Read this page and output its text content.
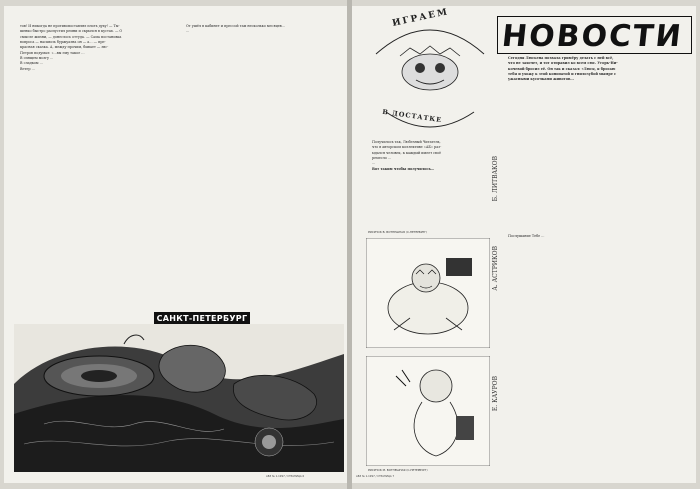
тов! И никогда не противопоставлял плоть духу! — Ты-

шенко быстро распустил ремни и скрылся в кустах. — О

смысле жизни, — донеслось оттуда. — Сама постановка

вопроса — насквозь буржуазна он — а... — пре-

красная сказка. А, между прочим, бывает — эвс-

Петров подумал: «...вы ему такое ...

В спящем мозгу ...

В сладком ...

Ветер ...

От ушёл в кабинет и прессой там несколько месяцев...

...

САНКТ-ПЕТЕРБУРГ
АБЗ № 1-1997 / СТРАНИЦА 6
ИГРАЕМ
В ДОСТАТКЕ
НОВОСТИ

Получилось так, Любезный Читатель,

что в авторском коллективе «АБ» раз-

ыдался человек, к каждый имеет своё

ремесло ...

...

Вот таким чтобы получилось...

Сегодня Люсьена позвала гримёру делать с ней всё,

что не захочет, и тот отправил ко всем сюс. Угорь-Ни-

кочевой бросил её. Он так и сказал: «Люся, я бросаю

тебя и ухожу к этой конопатой и гнилозубой мымре с

ужасными кусочками животов...

Б. ЛИТВАКОВ
А. АСТРИКОВ
Е. КАУРОВ
РИСУНОК В. ВОТНЕШНАЯ (С-ПЕТЕРБУРГ)
РИСУНОК М. ВОТНЕШНАЯ (С-ПЕТЕРБУРГ)

Послушание Тебе ...

АБЗ № 1-1997 / СТРАНИЦА 7
